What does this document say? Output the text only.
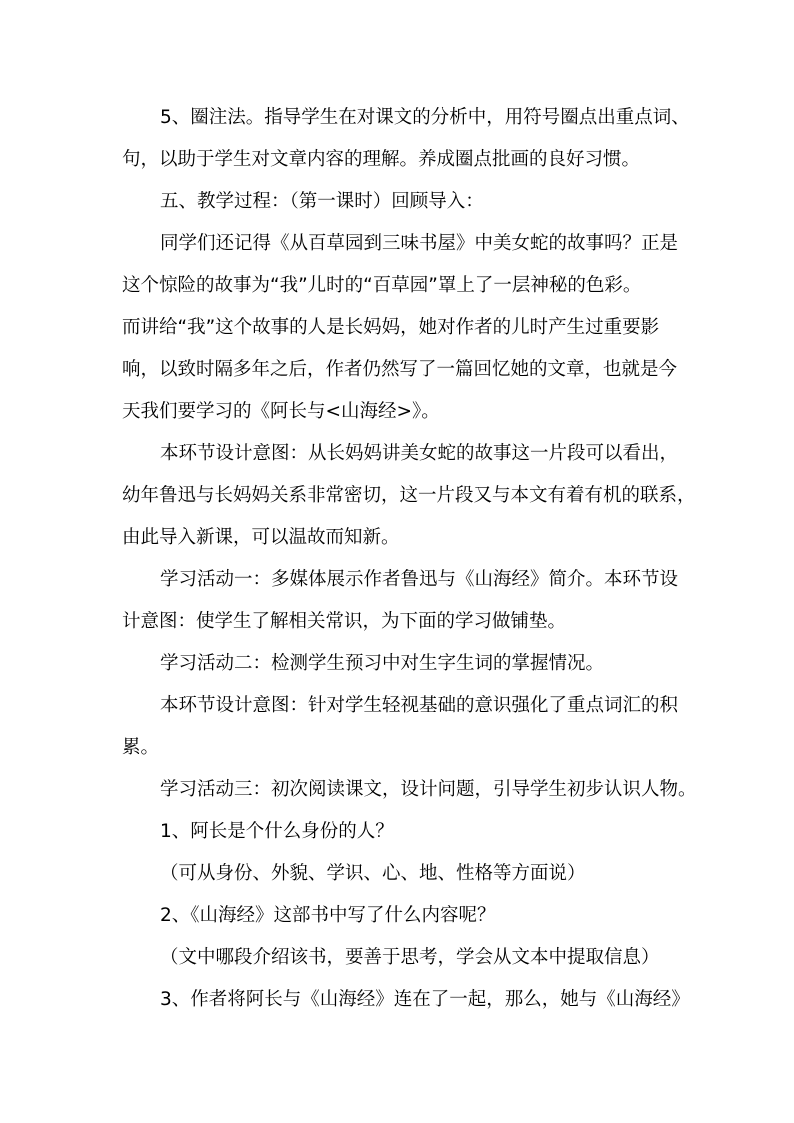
5、圈注法。指导学生在对课文的分析中，用符号圈点出重点词、
句，以助于学生对文章内容的理解。养成圈点批画的良好习惯。
五、教学过程：（第一课时）回顾导入：
同学们还记得《从百草园到三味书屋》中美女蛇的故事吗？正是
这个惊险的故事为“我”儿时的“百草园”罩上了一层神秘的色彩。
而讲给“我”这个故事的人是长妈妈，她对作者的儿时产生过重要影
响，以致时隔多年之后，作者仍然写了一篇回忆她的文章，也就是今
天我们要学习的《阿长与<山海经>》。
本环节设计意图：从长妈妈讲美女蛇的故事这一片段可以看出，
幼年鲁迅与长妈妈关系非常密切，这一片段又与本文有着有机的联系，
由此导入新课，可以温故而知新。
学习活动一：多媒体展示作者鲁迅与《山海经》简介。本环节设
计意图：使学生了解相关常识，为下面的学习做铺垫。
学习活动二：检测学生预习中对生字生词的掌握情况。
本环节设计意图：针对学生轻视基础的意识强化了重点词汇的积
累。
学习活动三：初次阅读课文，设计问题，引导学生初步认识人物。
1、阿长是个什么身份的人？
（可从身份、外貌、学识、心、地、性格等方面说）
2、《山海经》这部书中写了什么内容呢？
（文中哪段介绍该书，要善于思考，学会从文本中提取信息）
3、作者将阿长与《山海经》连在了一起，那么，她与《山海经》
